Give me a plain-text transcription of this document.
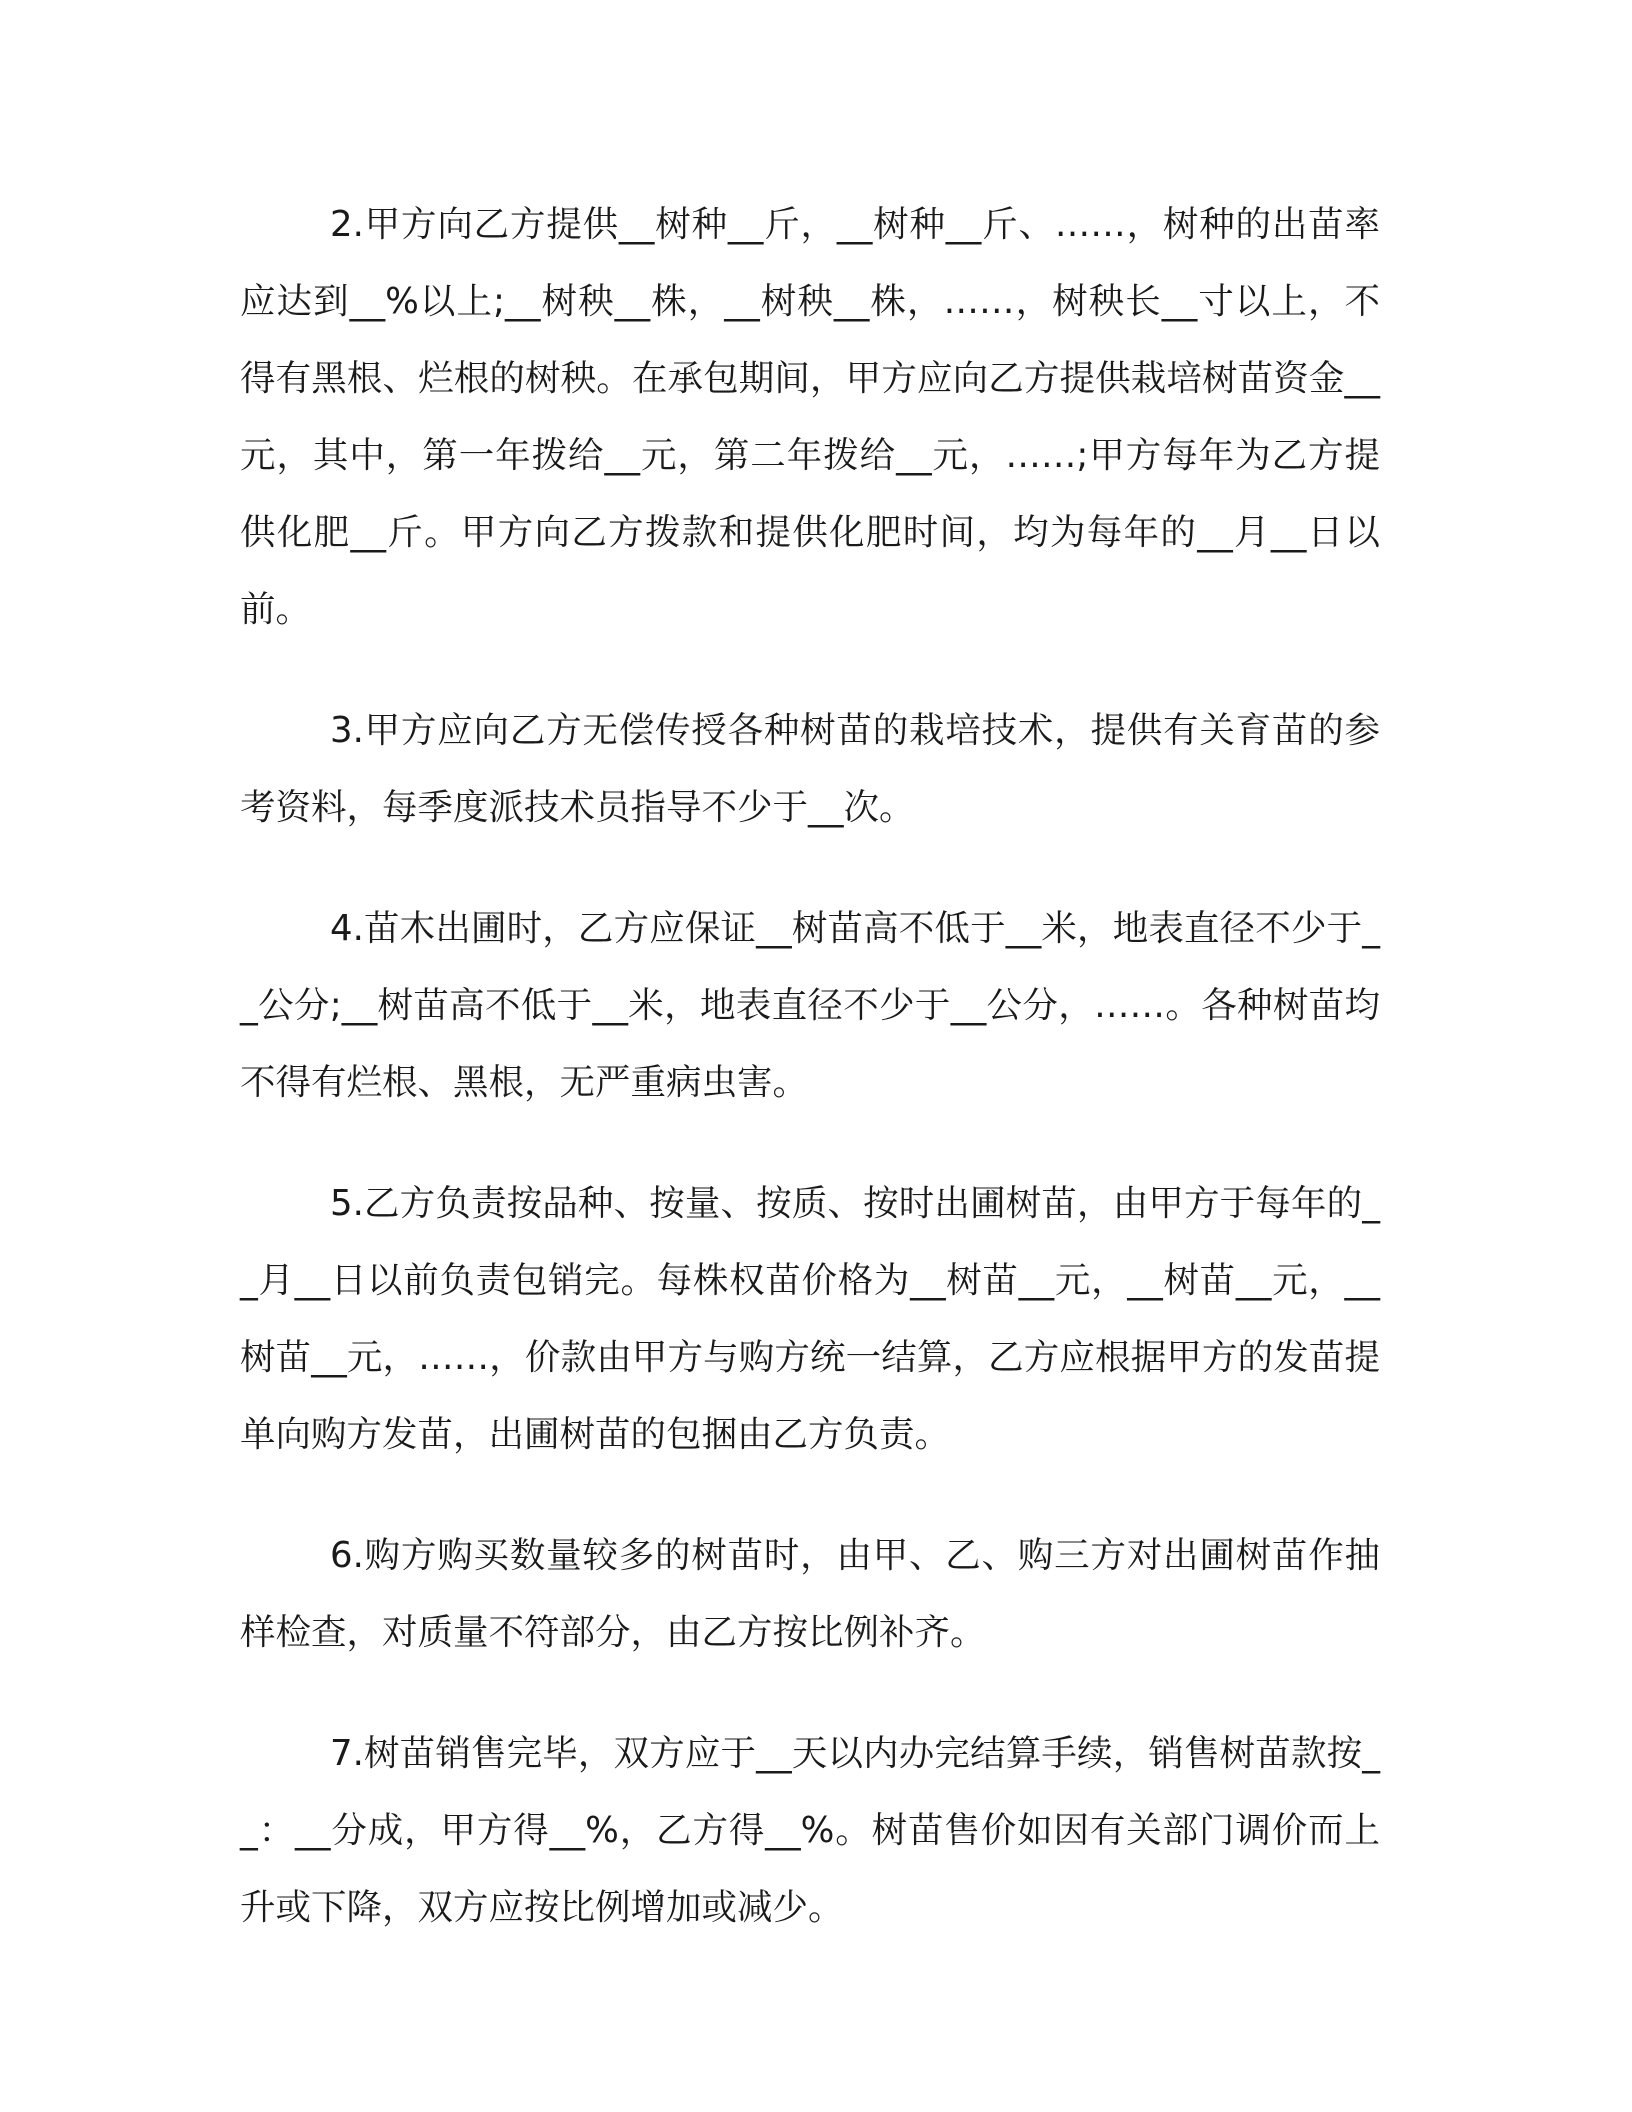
2.甲方向乙方提供__树种__斤，__树种__斤、……，树种的出苗率应达到__%以上;__树秧__株，__树秧__株，……，树秧长__寸以上，不得有黑根、烂根的树秧。在承包期间，甲方应向乙方提供栽培树苗资金__元，其中，第一年拨给__元，第二年拨给__元，……;甲方每年为乙方提供化肥__斤。甲方向乙方拨款和提供化肥时间，均为每年的__月__日以前。

3.甲方应向乙方无偿传授各种树苗的栽培技术，提供有关育苗的参考资料，每季度派技术员指导不少于__次。

4.苗木出圃时，乙方应保证__树苗高不低于__米，地表直径不少于__公分;__树苗高不低于__米，地表直径不少于__公分，……。各种树苗均不得有烂根、黑根，无严重病虫害。

5.乙方负责按品种、按量、按质、按时出圃树苗，由甲方于每年的__月__日以前负责包销完。每株权苗价格为__树苗__元，__树苗__元，__树苗__元，……，价款由甲方与购方统一结算，乙方应根据甲方的发苗提单向购方发苗，出圃树苗的包捆由乙方负责。

6.购方购买数量较多的树苗时，由甲、乙、购三方对出圃树苗作抽样检查，对质量不符部分，由乙方按比例补齐。

7.树苗销售完毕，双方应于__天以内办完结算手续，销售树苗款按__：__分成，甲方得__%，乙方得__%。树苗售价如因有关部门调价而上升或下降，双方应按比例增加或减少。
